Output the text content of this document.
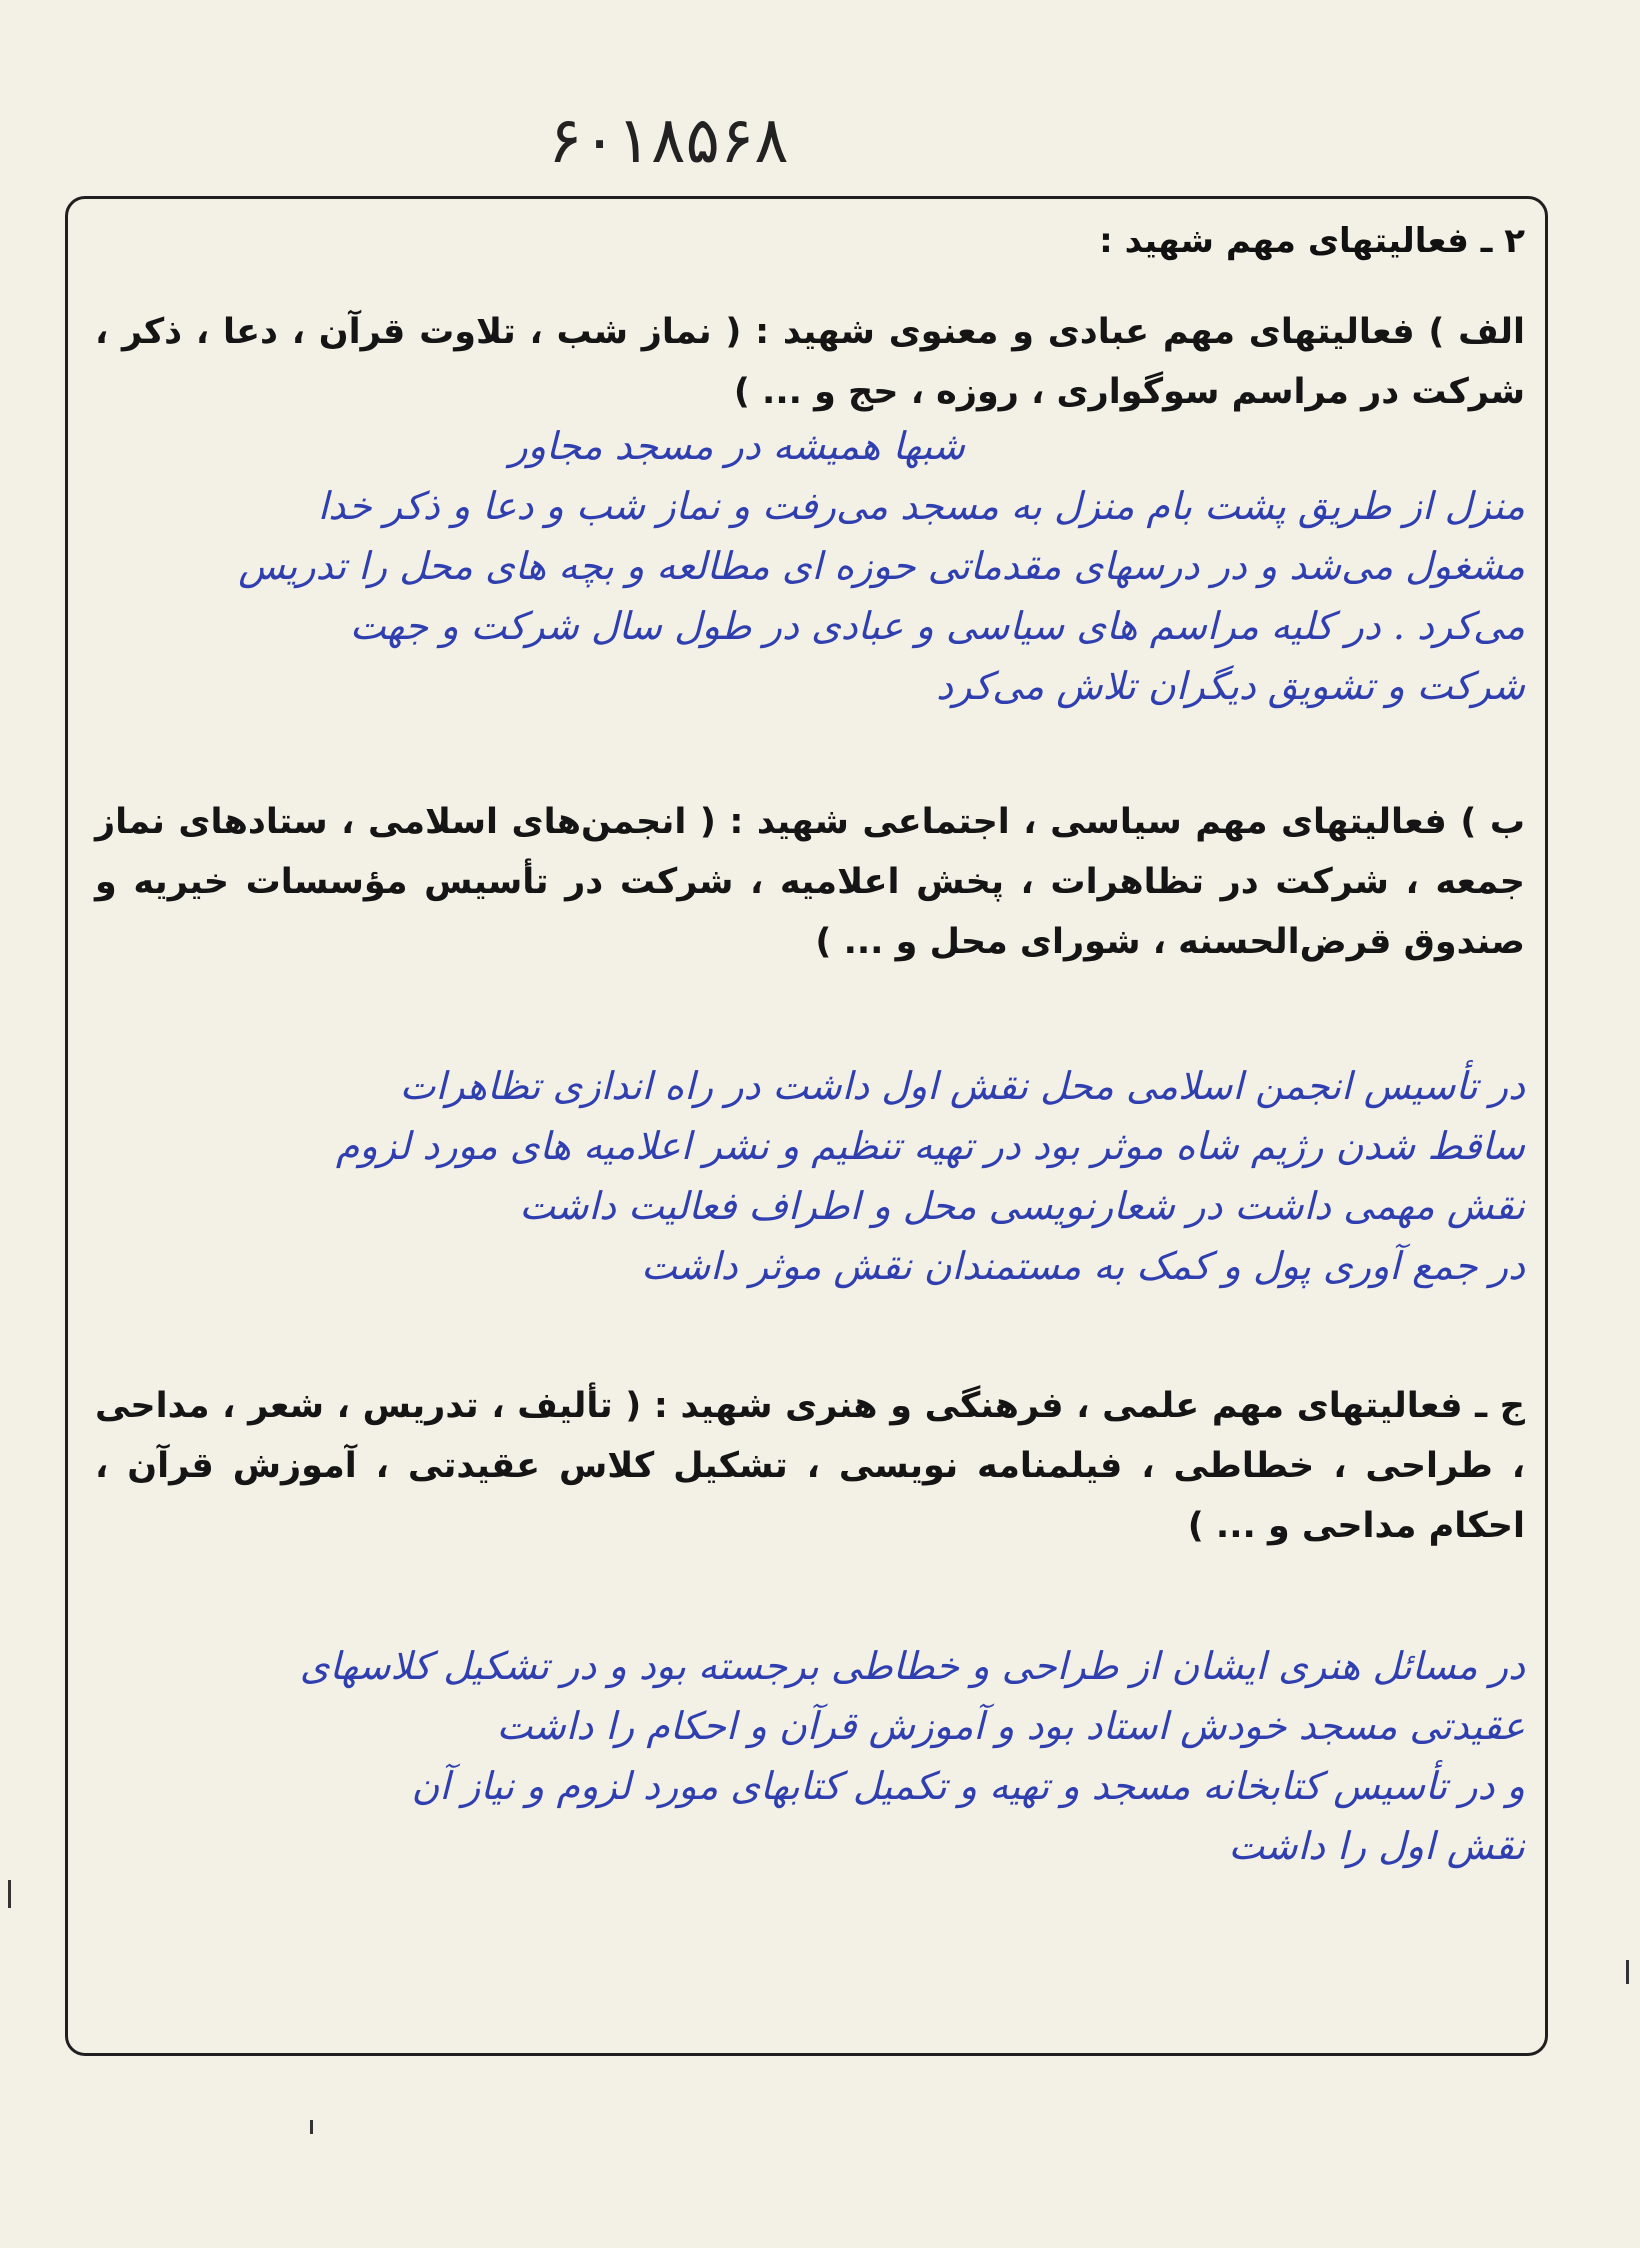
۶۰۱۸۵۶۸
۲ ـ فعالیتهای مهم شهید :

الف ) فعالیتهای مهم عبادی و معنوی شهید : ( نماز شب ، تلاوت قرآن ، دعا ، ذکر ، شرکت در مراسم سوگواری ، روزه ، حج و ... )

شبها همیشه در مسجد مجاور
منزل از طریق پشت بام منزل به مسجد می‌رفت و نماز شب و دعا و ذکر خدا
مشغول می‌شد و در درسهای مقدماتی حوزه ای مطالعه و بچه های محل را تدریس
می‌کرد . در کلیه مراسم های سیاسی و عبادی در طول سال شرکت و جهت
شرکت و تشویق دیگران تلاش می‌کرد

ب ) فعالیتهای مهم سیاسی ، اجتماعی شهید : ( انجمن‌های اسلامی ، ستادهای نماز جمعه ، شرکت در تظاهرات ، پخش اعلامیه ، شرکت در تأسیس مؤسسات خیریه و صندوق قرض‌الحسنه ، شورای محل و ... )

در تأسیس انجمن اسلامی محل نقش اول داشت در راه اندازی تظاهرات
ساقط شدن رژیم شاه موثر بود در تهیه تنظیم و نشر اعلامیه های مورد لزوم
نقش مهمی داشت در شعارنویسی محل و اطراف فعالیت داشت
در جمع آوری پول و کمک به مستمندان نقش موثر داشت

ج ـ فعالیتهای مهم علمی ، فرهنگی و هنری شهید : ( تألیف ، تدریس ، شعر ، مداحی ، طراحی ، خطاطی ، فیلمنامه نویسی ، تشکیل کلاس عقیدتی ، آموزش قرآن ، احکام مداحی و ... )

در مسائل هنری ایشان از طراحی و خطاطی برجسته بود و در تشکیل کلاسهای
عقیدتی مسجد خودش استاد بود و آموزش قرآن و احکام را داشت
و در تأسیس کتابخانه مسجد و تهیه و تکمیل کتابهای مورد لزوم و نیاز آن
نقش اول را داشت
